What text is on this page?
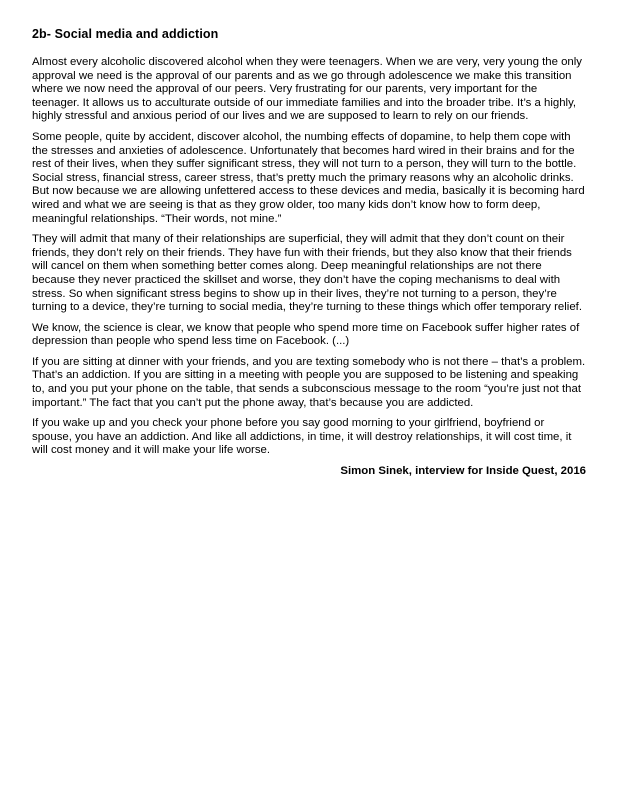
2b- Social media and addiction

Almost every alcoholic discovered alcohol when they were teenagers. When we are very, very young the only approval we need is the approval of our parents and as we go through adolescence we make this transition where we now need the approval of our peers. Very frustrating for our parents, very important for the teenager. It allows us to acculturate outside of our immediate families and into the broader tribe. It’s a highly, highly stressful and anxious period of our lives and we are supposed to learn to rely on our friends.

Some people, quite by accident, discover alcohol, the numbing effects of dopamine, to help them cope with the stresses and anxieties of adolescence. Unfortunately that becomes hard wired in their brains and for the rest of their lives, when they suffer significant stress, they will not turn to a person, they will turn to the bottle. Social stress, financial stress, career stress, that’s pretty much the primary reasons why an alcoholic drinks. But now because we are allowing unfettered access to these devices and media, basically it is becoming hard wired and what we are seeing is that as they grow older, too many kids don’t know how to form deep, meaningful relationships. “Their words, not mine.”

They will admit that many of their relationships are superficial, they will admit that they don’t count on their friends, they don’t rely on their friends. They have fun with their friends, but they also know that their friends will cancel on them when something better comes along. Deep meaningful relationships are not there because they never practiced the skillset and worse, they don’t have the coping mechanisms to deal with stress. So when significant stress begins to show up in their lives, they’re not turning to a person, they’re turning to a device, they’re turning to social media, they’re turning to these things which offer temporary relief.

We know, the science is clear, we know that people who spend more time on Facebook suffer higher rates of depression than people who spend less time on Facebook. (...)

If you are sitting at dinner with your friends, and you are texting somebody who is not there – that’s a problem. That’s an addiction. If you are sitting in a meeting with people you are supposed to be listening and speaking to, and you put your phone on the table, that sends a subconscious message to the room “you’re just not that important.” The fact that you can’t put the phone away, that’s because you are addicted.

If you wake up and you check your phone before you say good morning to your girlfriend, boyfriend or spouse, you have an addiction. And like all addictions, in time, it will destroy relationships, it will cost time, it will cost money and it will make your life worse.

Simon Sinek, interview for Inside Quest, 2016
